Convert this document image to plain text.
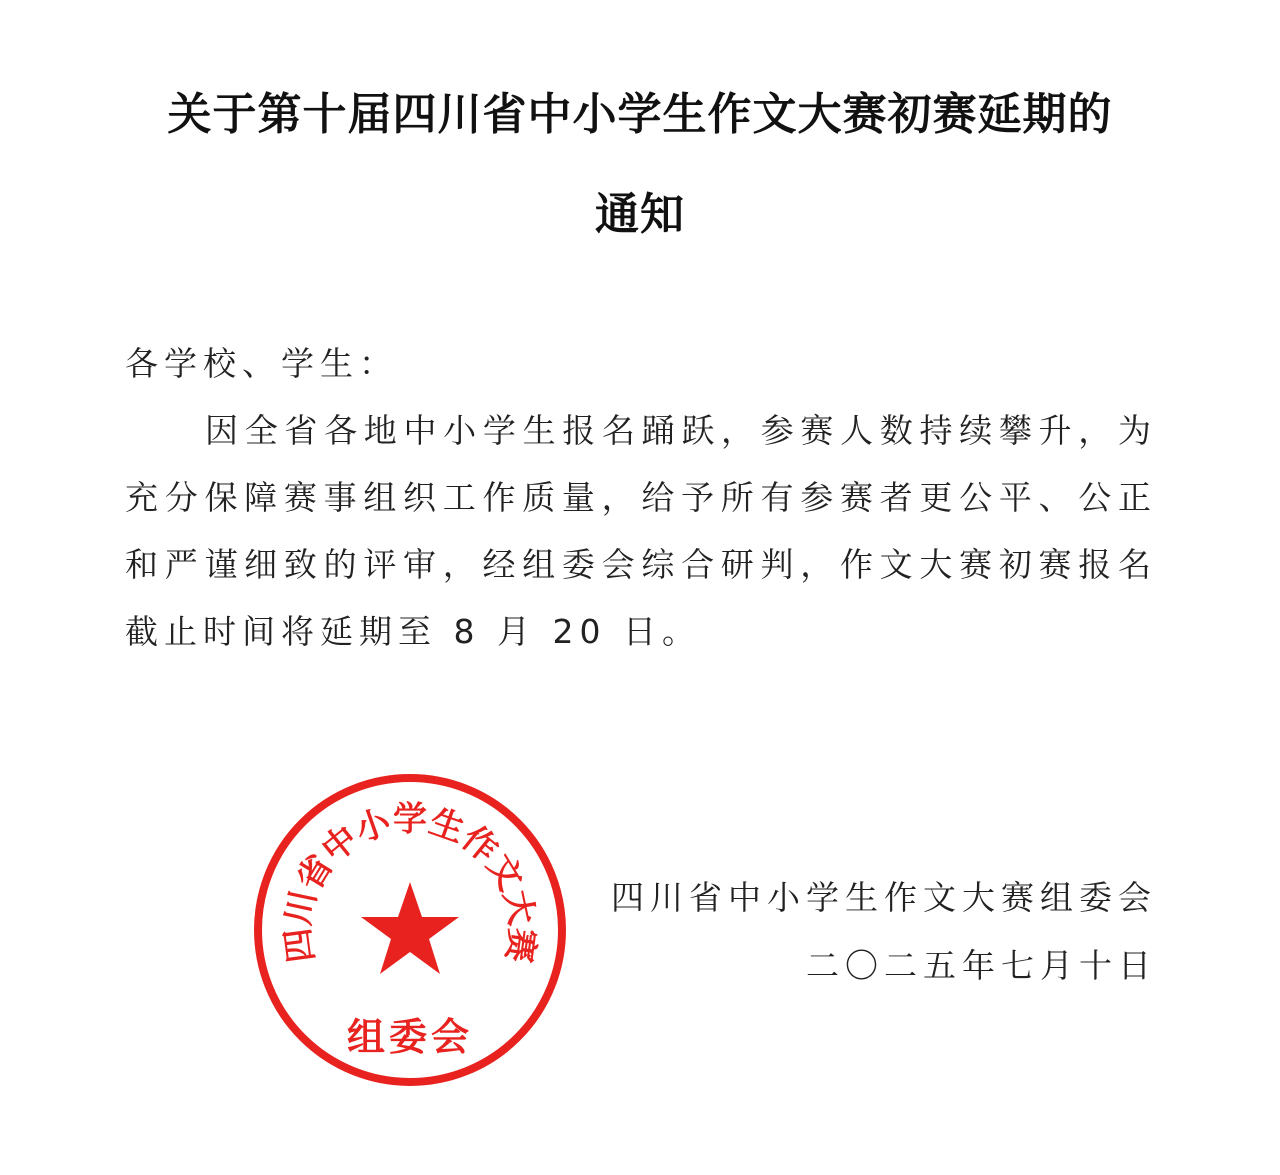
关于第十届四川省中小学生作文大赛初赛延期的
通知

各学校、学生：

因全省各地中小学生报名踊跃，参赛人数持续攀升，为充分保障赛事组织工作质量，给予所有参赛者更公平、公正和严谨细致的评审，经组委会综合研判，作文大赛初赛报名截止时间将延期至 8 月 20 日。

四川省中小学生作文大赛组委会
二〇二五年七月十日
四川省中小学生作文大赛
组委会
